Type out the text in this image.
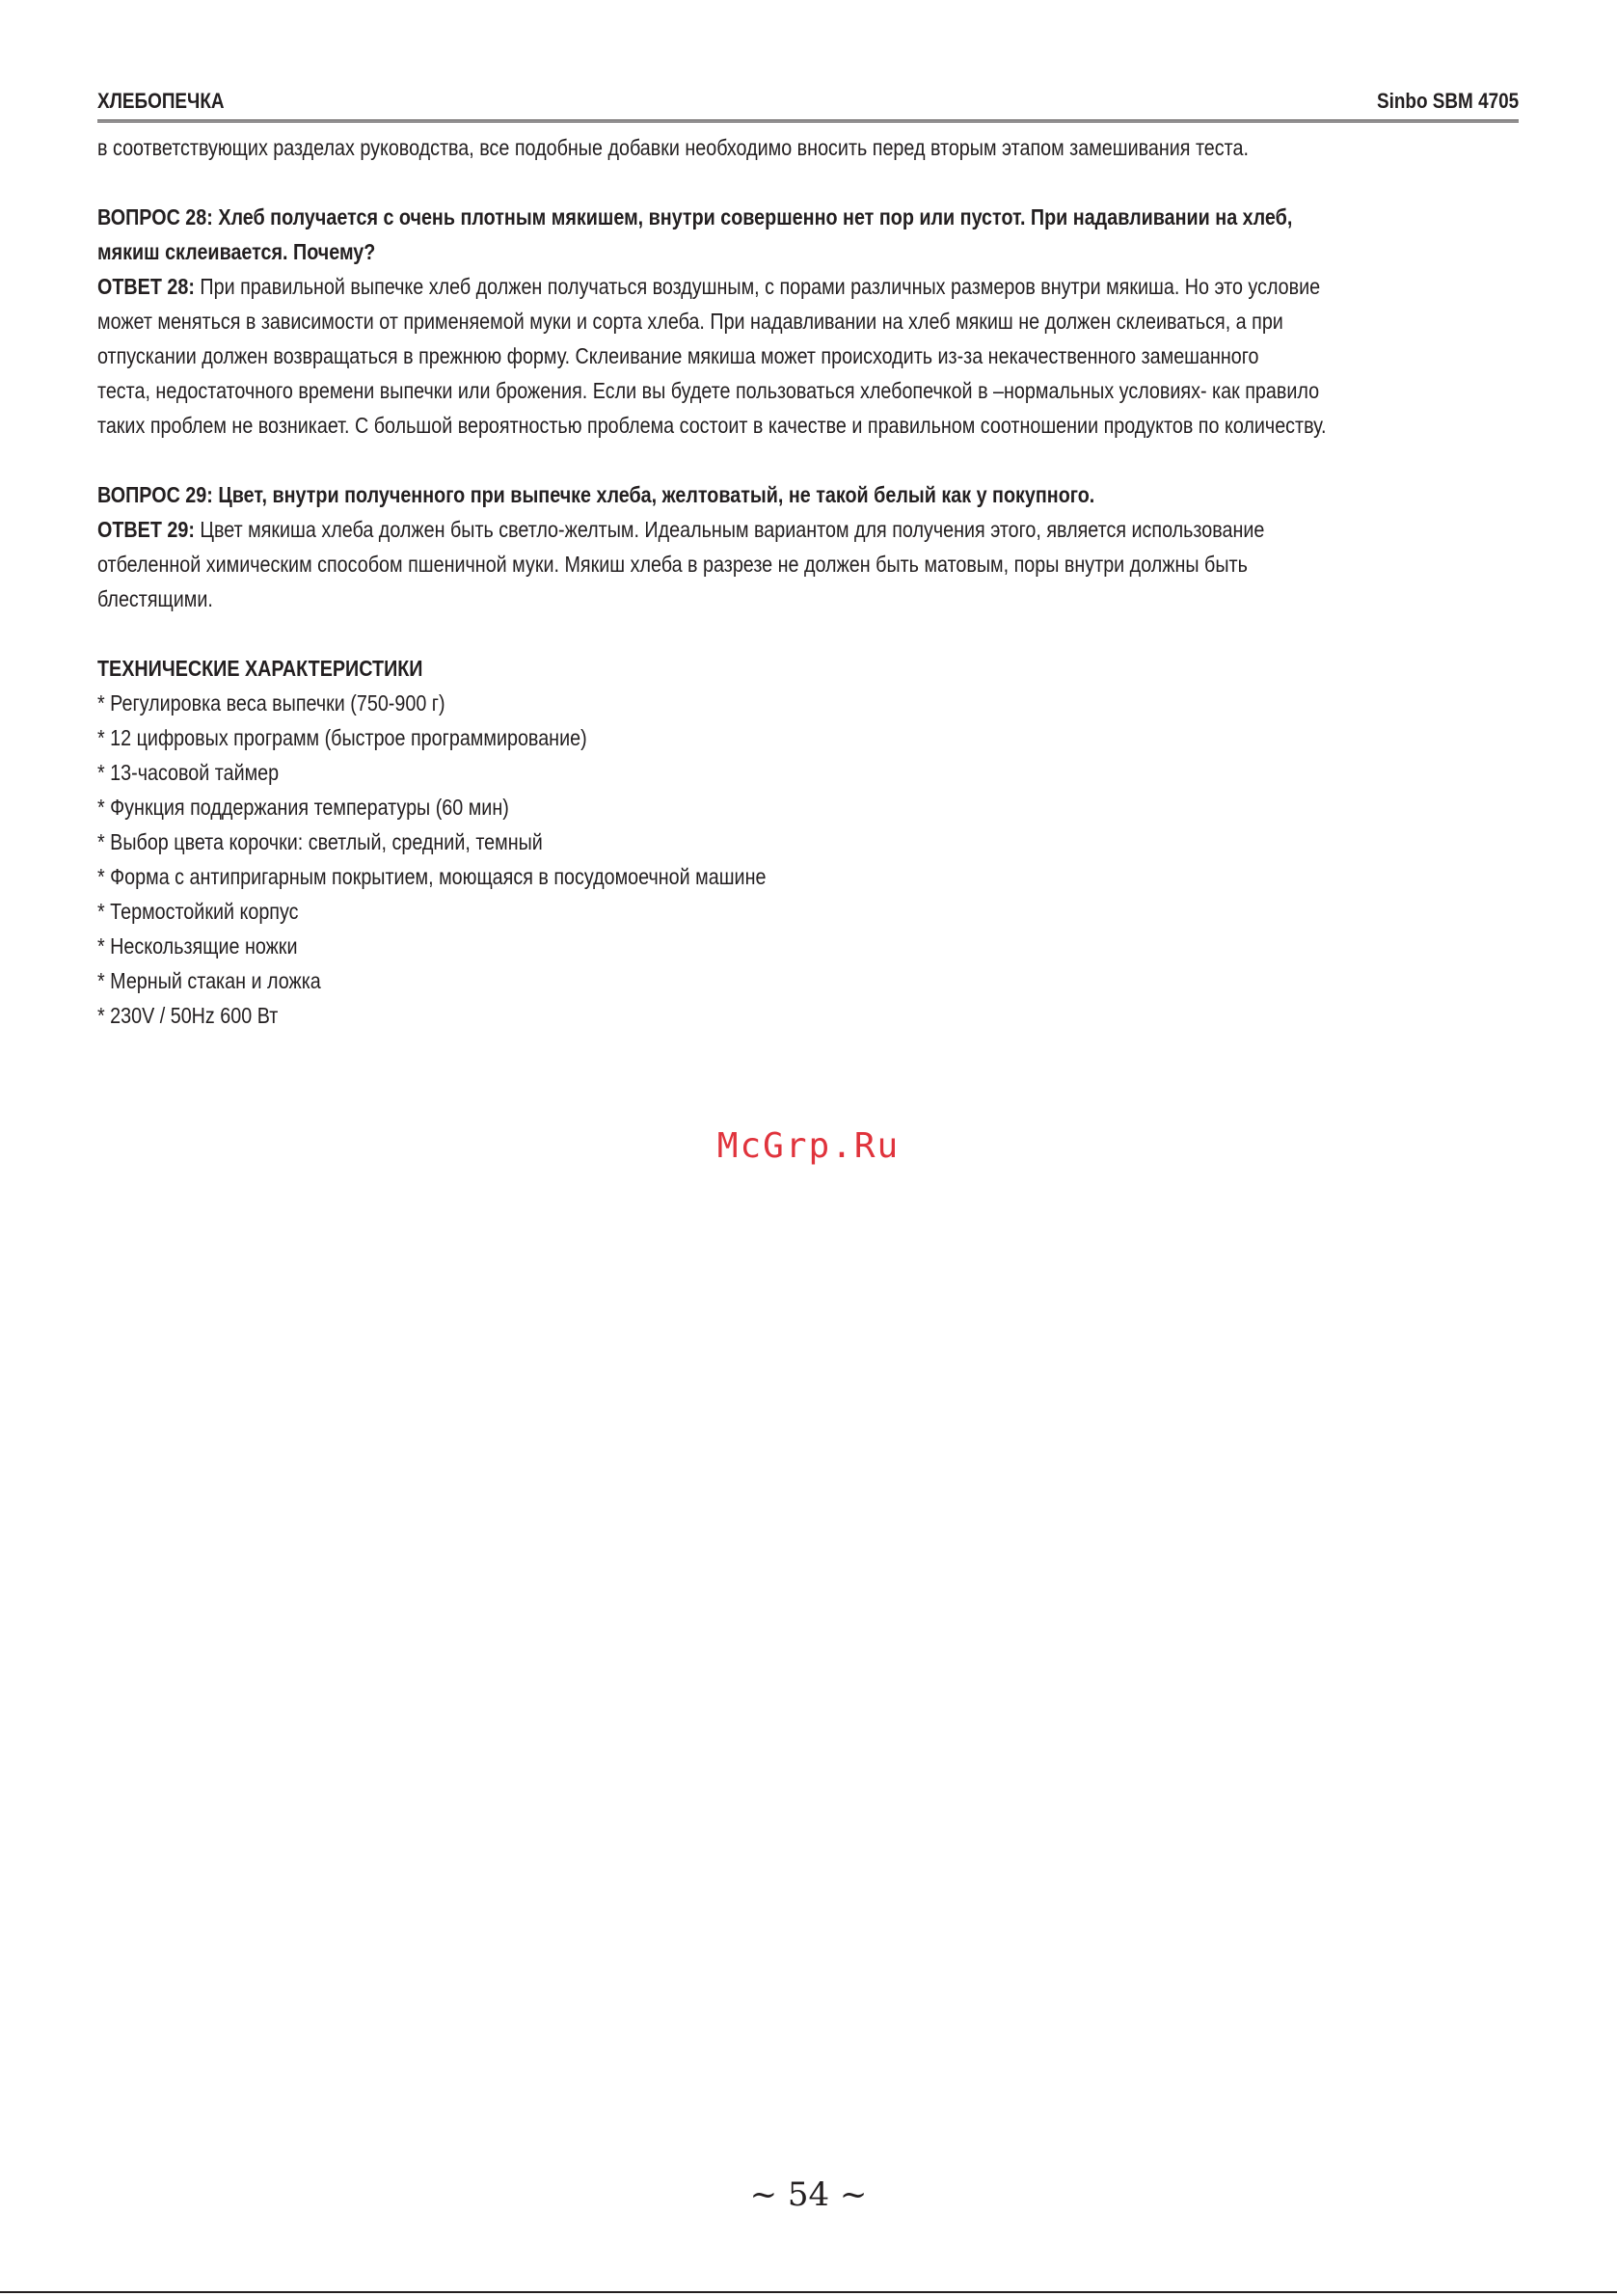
ХЛЕБОПЕЧКА	Sinbo SBM 4705
в соответствующих разделах руководства, все подобные добавки необходимо вносить перед вторым этапом замешивания теста.
ВОПРОС 28: Хлеб получается с очень плотным мякишем, внутри совершенно нет пор или пустот. При надавливании на хлеб,
мякиш склеивается. Почему?
ОТВЕТ 28: При правильной выпечке хлеб должен получаться воздушным, с порами различных размеров внутри мякиша. Но это условие
может меняться в зависимости от применяемой муки и сорта хлеба. При надавливании на хлеб мякиш не должен склеиваться, а при
отпускании должен возвращаться в прежнюю форму. Склеивание мякиша может происходить из-за некачественного замешанного
теста, недостаточного времени выпечки или брожения. Если вы будете пользоваться хлебопечкой в –нормальных условиях- как правило
таких проблем не возникает. С большой вероятностью проблема состоит в качестве и правильном соотношении продуктов по количеству.
ВОПРОС 29: Цвет, внутри полученного при выпечке хлеба, желтоватый, не такой белый как у покупного.
ОТВЕТ 29: Цвет мякиша хлеба должен быть светло-желтым. Идеальным вариантом для получения этого, является использование
отбеленной химическим способом пшеничной муки. Мякиш хлеба в разрезе не должен быть матовым, поры внутри должны быть
блестящими.
ТЕХНИЧЕСКИЕ ХАРАКТЕРИСТИКИ
* Регулировка веса выпечки (750-900 г)
* 12 цифровых программ (быстрое программирование)
* 13-часовой таймер
* Функция поддержания температуры (60 мин)
* Выбор цвета корочки: светлый, средний, темный
* Форма с антипригарным покрытием, моющаяся в посудомоечной машине
* Термостойкий корпус
* Нескользящие ножки
* Мерный стакан и ложка
* 230V / 50Hz 600 Вт
McGrp.Ru
~ 54 ~
